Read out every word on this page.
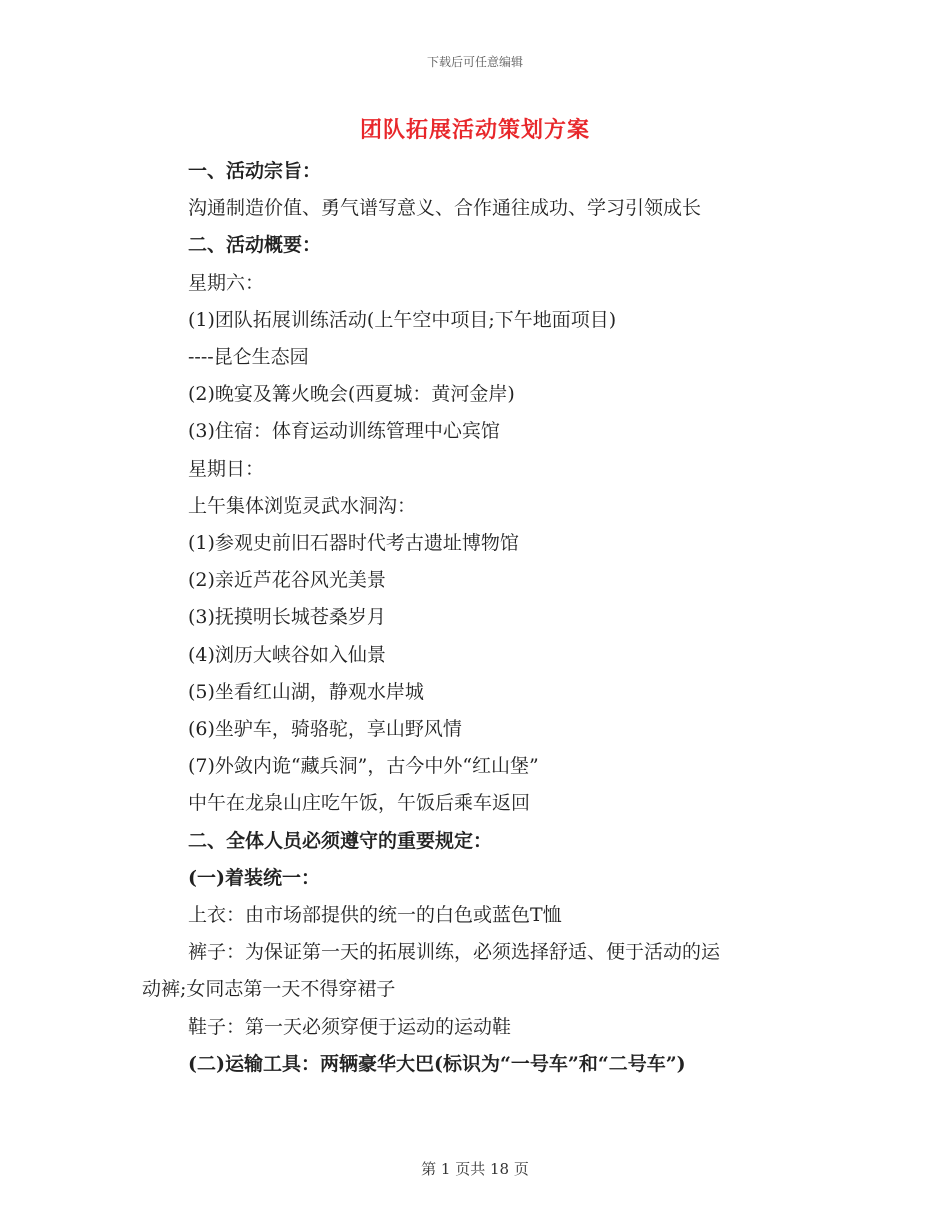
下载后可任意编辑
团队拓展活动策划方案
一、活动宗旨：
沟通制造价值、勇气谱写意义、合作通往成功、学习引领成长
二、活动概要：
星期六：
(1)团队拓展训练活动(上午空中项目;下午地面项目)
----昆仑生态园
(2)晚宴及篝火晚会(西夏城：黄河金岸)
(3)住宿：体育运动训练管理中心宾馆
星期日：
上午集体浏览灵武水洞沟：
(1)参观史前旧石器时代考古遗址博物馆
(2)亲近芦花谷风光美景
(3)抚摸明长城苍桑岁月
(4)浏历大峡谷如入仙景
(5)坐看红山湖，静观水岸城
(6)坐驴车，骑骆驼，享山野风情
(7)外敛内诡“藏兵洞”，古今中外“红山堡”
中午在龙泉山庄吃午饭，午饭后乘车返回
二、全体人员必须遵守的重要规定：
(一)着装统一：
上衣：由市场部提供的统一的白色或蓝色T恤
裤子：为保证第一天的拓展训练，必须选择舒适、便于活动的运
动裤;女同志第一天不得穿裙子
鞋子：第一天必须穿便于运动的运动鞋
(二)运输工具：两辆豪华大巴(标识为“一号车”和“二号车”)
第 1 页共 18 页
